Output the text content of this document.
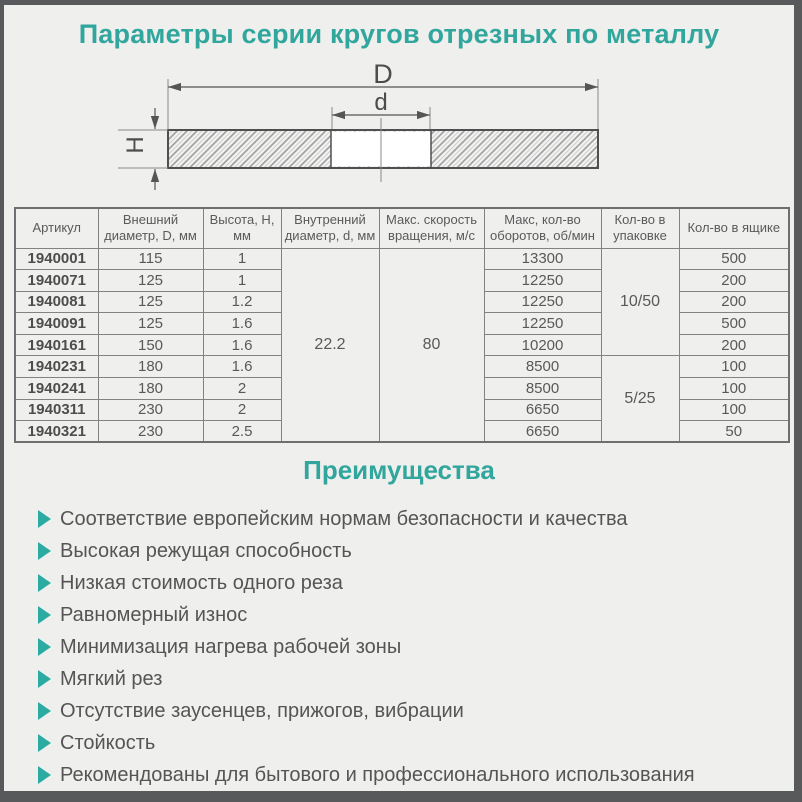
Параметры серии кругов отрезных по металлу
D
d
H
Артикул	Внешний диаметр, D, мм	Высота, Н, мм	Внутренний диаметр, d, мм	Макс. скорость вращения, м/с	Макс, кол-во оборотов, об/мин	Кол-во в упаковке	Кол-во в ящике
1940001	115	1	22.2	80	13300	10/50	500
1940071	125	1			12250		200
1940081	125	1.2			12250		200
1940091	125	1.6			12250		500
1940161	150	1.6			10200		200
1940231	180	1.6			8500	5/25	100
1940241	180	2			8500		100
1940311	230	2			6650		100
1940321	230	2.5			6650		50
Преимущества
Соответствие европейским нормам безопасности и качества
Высокая режущая способность
Низкая стоимость одного реза
Равномерный износ
Минимизация нагрева рабочей зоны
Мягкий рез
Отсутствие заусенцев, прижогов, вибрации
Стойкость
Рекомендованы для бытового и профессионального использования
